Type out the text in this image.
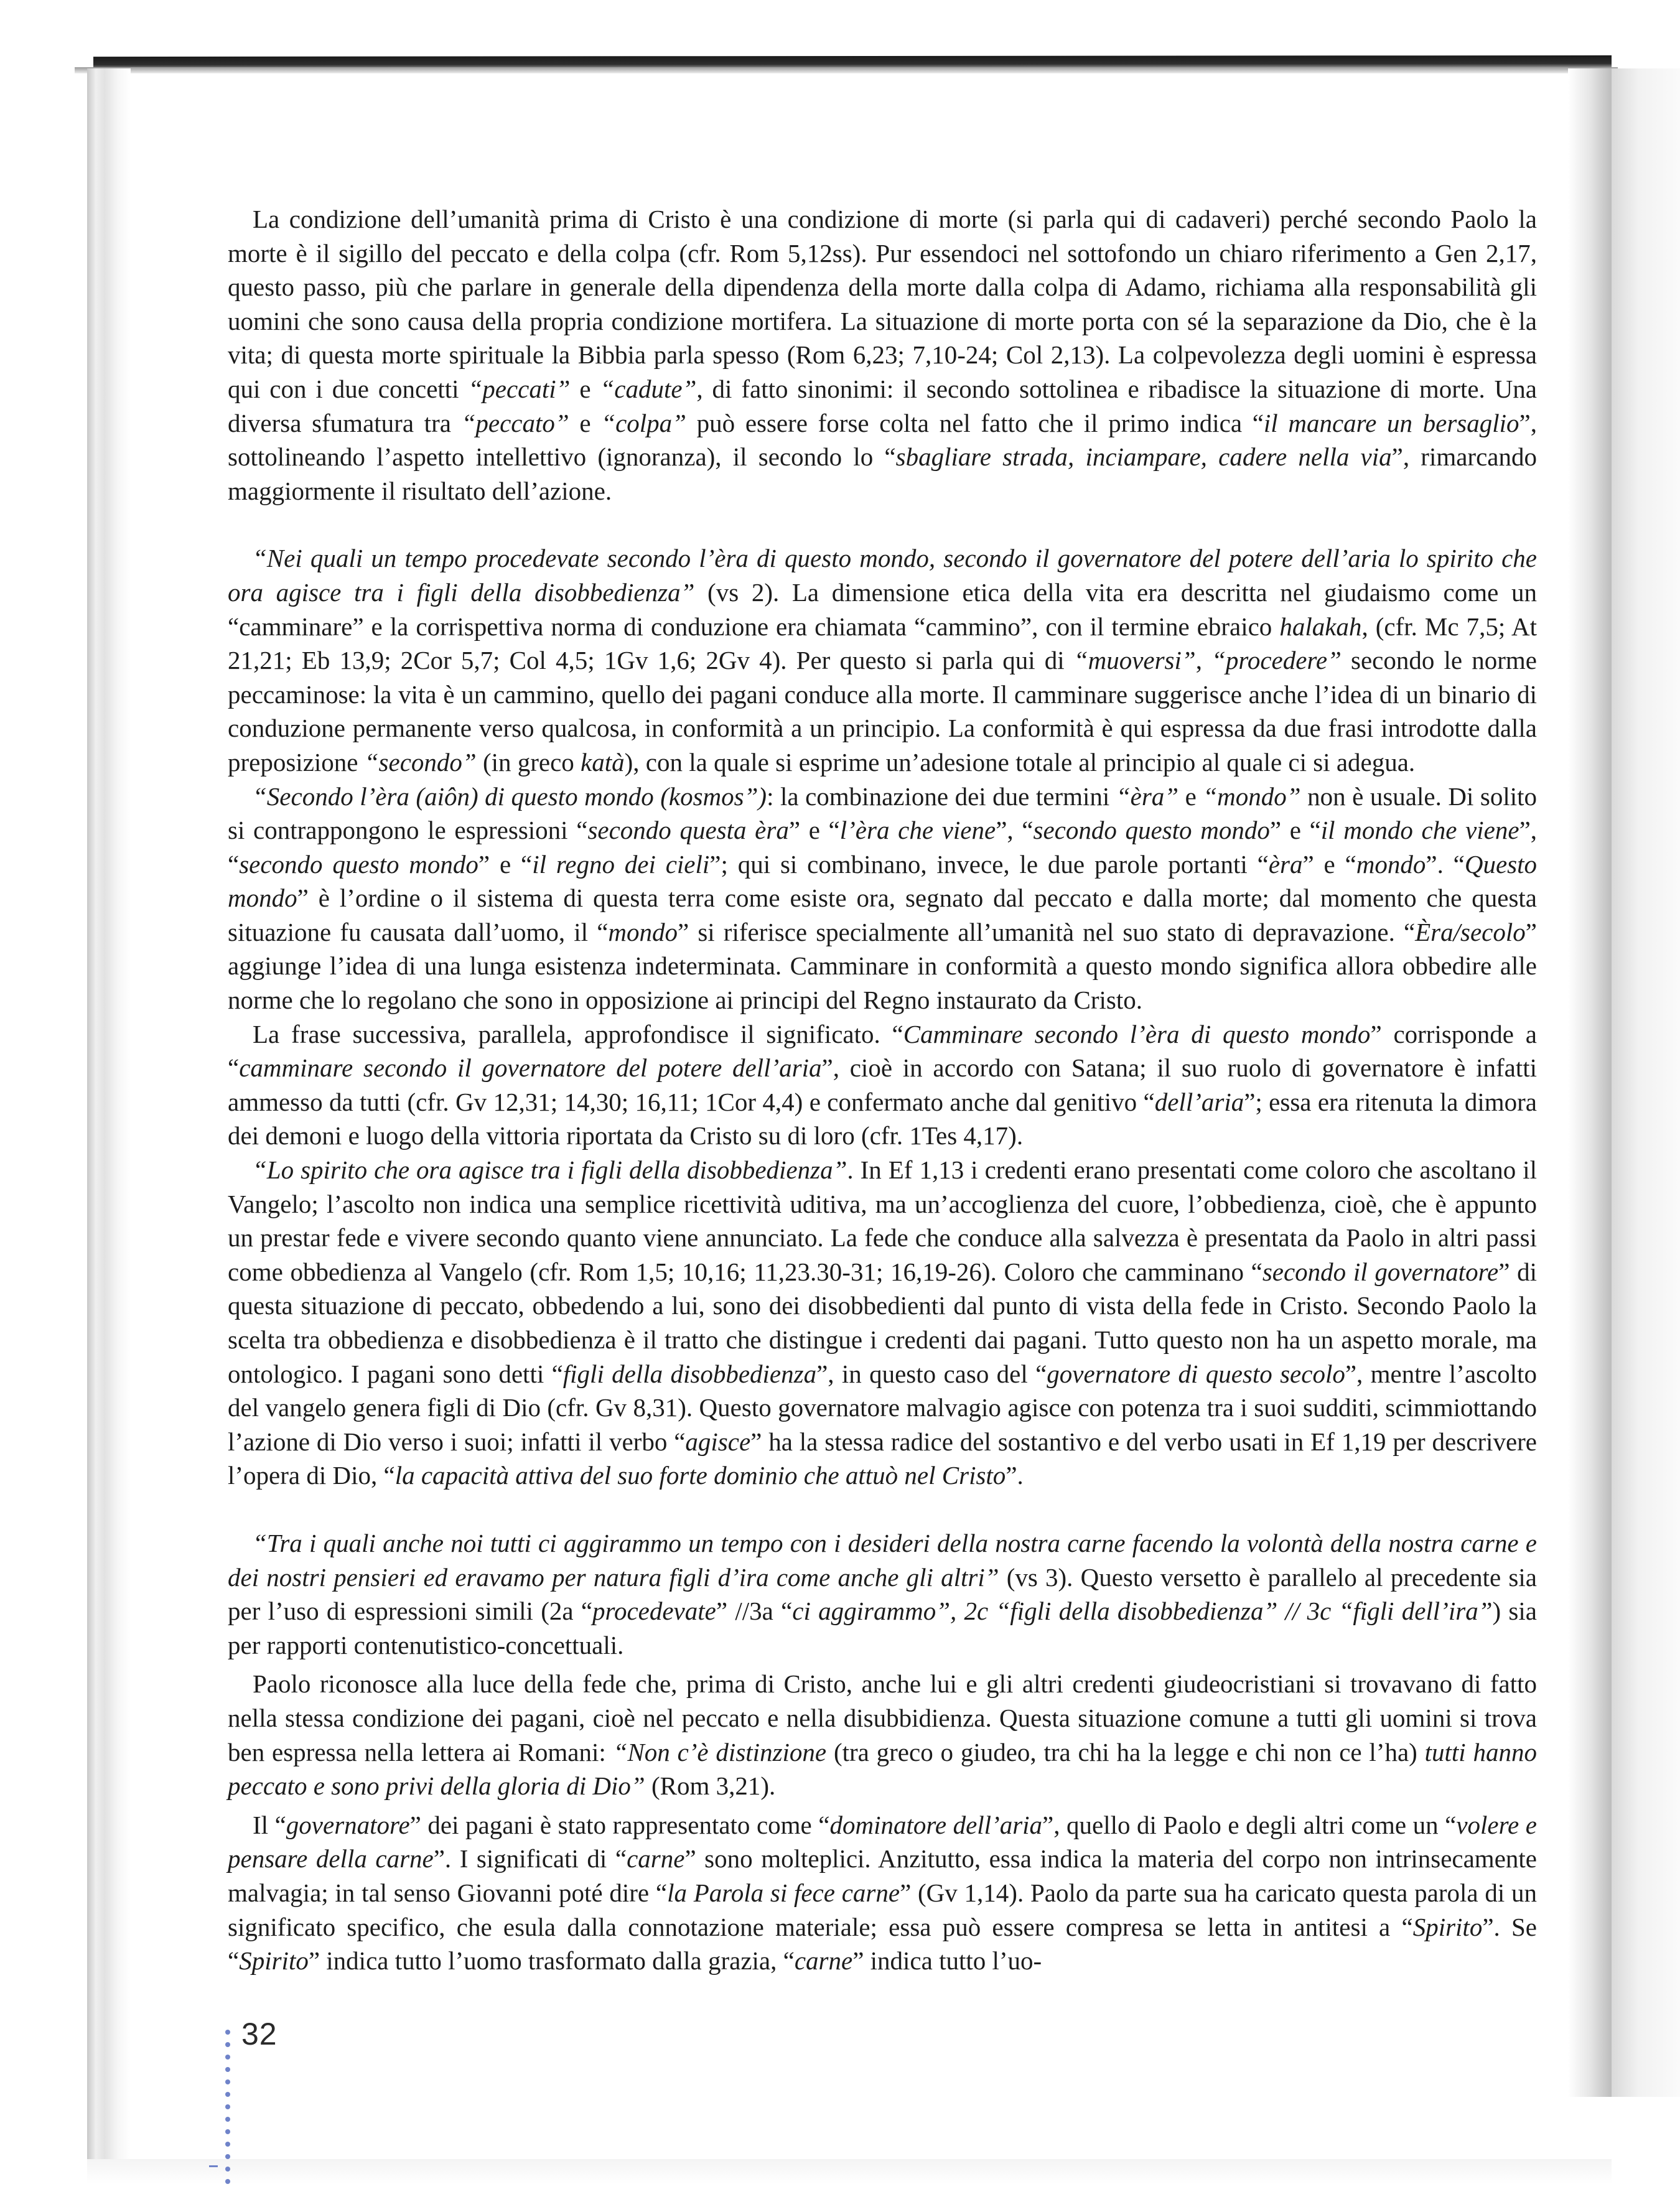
La condizione dell’umanità prima di Cristo è una condizione di morte (si parla qui di cadaveri) perché secondo Paolo la morte è il sigillo del peccato e della colpa (cfr. Rom 5,12ss). Pur essendoci nel sottofondo un chiaro riferimento a Gen 2,17, questo passo, più che parlare in generale della dipendenza della morte dalla colpa di Adamo, richiama alla responsabilità gli uomini che sono causa della propria condizione mortifera. La situazione di morte porta con sé la separazione da Dio, che è la vita; di questa morte spirituale la Bibbia parla spesso (Rom 6,23; 7,10-24; Col 2,13). La colpevolezza degli uomini è espressa qui con i due concetti “peccati” e “cadute”, di fatto sinonimi: il secondo sottolinea e ribadisce la situazione di morte. Una diversa sfumatura tra “peccato” e “colpa” può essere forse colta nel fatto che il primo indica “il mancare un bersaglio”, sottolineando l’aspetto intellettivo (ignoranza), il secondo lo “sbagliare strada, inciampare, cadere nella via”, rimarcando maggiormente il risultato dell’azione.

“Nei quali un tempo procedevate secondo l’èra di questo mondo, secondo il governatore del potere dell’aria lo spirito che ora agisce tra i figli della disobbedienza” (vs 2). La dimensione etica della vita era descritta nel giudaismo come un “camminare” e la corrispettiva norma di conduzione era chiamata “cammino”, con il termine ebraico halakah, (cfr. Mc 7,5; At 21,21; Eb 13,9; 2Cor 5,7; Col 4,5; 1Gv 1,6; 2Gv 4). Per questo si parla qui di “muoversi”, “procedere” secondo le norme peccaminose: la vita è un cammino, quello dei pagani conduce alla morte. Il camminare suggerisce anche l’idea di un binario di conduzione permanente verso qualcosa, in conformità a un principio. La conformità è qui espressa da due frasi introdotte dalla preposizione “secondo” (in greco katà), con la quale si esprime un’adesione totale al principio al quale ci si adegua.

“Secondo l’èra (aiôn) di questo mondo (kosmos”): la combinazione dei due termini “èra” e “mondo” non è usuale. Di solito si contrappongono le espressioni “secondo questa èra” e “l’èra che viene”, “secondo questo mondo” e “il mondo che viene”, “secondo questo mondo” e “il regno dei cieli”; qui si combinano, invece, le due parole portanti “èra” e “mondo”. “Questo mondo” è l’ordine o il sistema di questa terra come esiste ora, segnato dal peccato e dalla morte; dal momento che questa situazione fu causata dall’uomo, il “mondo” si riferisce specialmente all’umanità nel suo stato di depravazione. “Èra/secolo” aggiunge l’idea di una lunga esistenza indeterminata. Camminare in conformità a questo mondo significa allora obbedire alle norme che lo regolano che sono in opposizione ai principi del Regno instaurato da Cristo.

La frase successiva, parallela, approfondisce il significato. “Camminare secondo l’èra di questo mondo” corrisponde a “camminare secondo il governatore del potere dell’aria”, cioè in accordo con Satana; il suo ruolo di governatore è infatti ammesso da tutti (cfr. Gv 12,31; 14,30; 16,11; 1Cor 4,4) e confermato anche dal genitivo “dell’aria”; essa era ritenuta la dimora dei demoni e luogo della vittoria riportata da Cristo su di loro (cfr. 1Tes 4,17).

“Lo spirito che ora agisce tra i figli della disobbedienza”. In Ef 1,13 i credenti erano presentati come coloro che ascoltano il Vangelo; l’ascolto non indica una semplice ricettività uditiva, ma un’accoglienza del cuore, l’obbedienza, cioè, che è appunto un prestar fede e vivere secondo quanto viene annunciato. La fede che conduce alla salvezza è presentata da Paolo in altri passi come obbedienza al Vangelo (cfr. Rom 1,5; 10,16; 11,23.30-31; 16,19-26). Coloro che camminano “secondo il governatore” di questa situazione di peccato, obbedendo a lui, sono dei disobbedienti dal punto di vista della fede in Cristo. Secondo Paolo la scelta tra obbedienza e disobbedienza è il tratto che distingue i credenti dai pagani. Tutto questo non ha un aspetto morale, ma ontologico. I pagani sono detti “figli della disobbedienza”, in questo caso del “governatore di questo secolo”, mentre l’ascolto del vangelo genera figli di Dio (cfr. Gv 8,31). Questo governatore malvagio agisce con potenza tra i suoi sudditi, scimmiottando l’azione di Dio verso i suoi; infatti il verbo “agisce” ha la stessa radice del sostantivo e del verbo usati in Ef 1,19 per descrivere l’opera di Dio, “la capacità attiva del suo forte dominio che attuò nel Cristo”.

“Tra i quali anche noi tutti ci aggirammo un tempo con i desideri della nostra carne facendo la volontà della nostra carne e dei nostri pensieri ed eravamo per natura figli d’ira come anche gli altri” (vs 3). Questo versetto è parallelo al precedente sia per l’uso di espressioni simili (2a “procedevate” //3a “ci aggirammo”, 2c “figli della disobbedienza” // 3c “figli dell’ira”) sia per rapporti contenutistico-concettuali.

Paolo riconosce alla luce della fede che, prima di Cristo, anche lui e gli altri credenti giudeocristiani si trovavano di fatto nella stessa condizione dei pagani, cioè nel peccato e nella disubbidienza. Questa situazione comune a tutti gli uomini si trova ben espressa nella lettera ai Romani: “Non c’è distinzione (tra greco o giudeo, tra chi ha la legge e chi non ce l’ha) tutti hanno peccato e sono privi della gloria di Dio” (Rom 3,21).

Il “governatore” dei pagani è stato rappresentato come “dominatore dell’aria”, quello di Paolo e degli altri come un “volere e pensare della carne”. I significati di “carne” sono molteplici. Anzitutto, essa indica la materia del corpo non intrinsecamente malvagia; in tal senso Giovanni poté dire “la Parola si fece carne” (Gv 1,14). Paolo da parte sua ha caricato questa parola di un significato specifico, che esula dalla connotazione materiale; essa può essere compresa se letta in antitesi a “Spirito”. Se “Spirito” indica tutto l’uomo trasformato dalla grazia, “carne” indica tutto l’uo-

32
